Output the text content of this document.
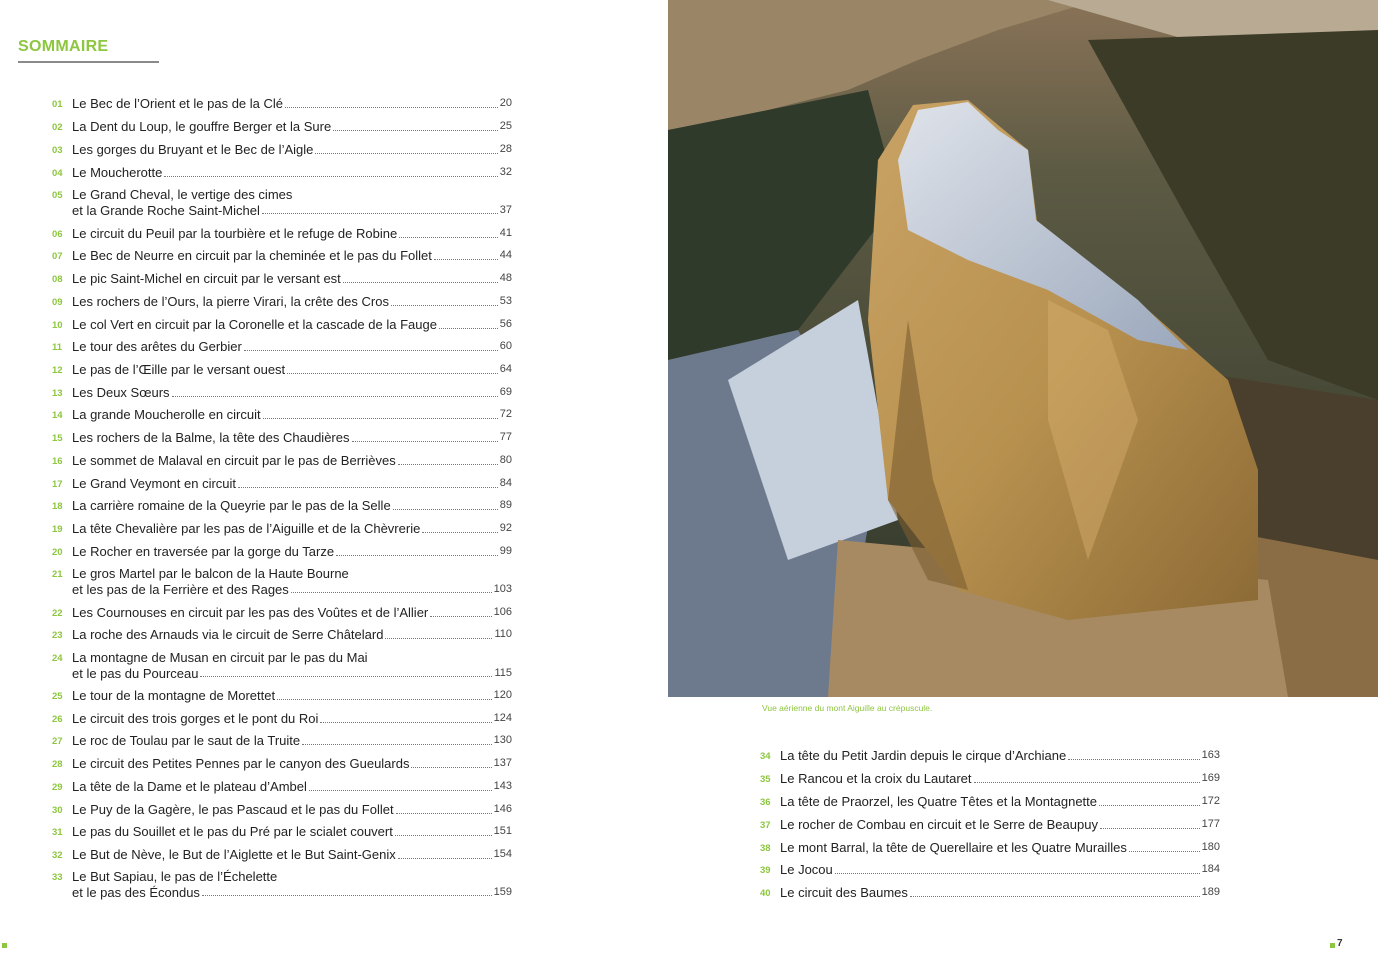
SOMMAIRE
01 Le Bec de l’Orient et le pas de la Clé	20
02 La Dent du Loup, le gouffre Berger et la Sure	25
03 Les gorges du Bruyant et le Bec de l’Aigle	28
04 Le Moucherotte	32
05 Le Grand Cheval, le vertige des cimes
et la Grande Roche Saint-Michel	37
06 Le circuit du Peuil par la tourbière et le refuge de Robine	41
07 Le Bec de Neurre en circuit par la cheminée et le pas du Follet	44
08 Le pic Saint-Michel en circuit par le versant est	48
09 Les rochers de l’Ours, la pierre Virari, la crête des Cros	53
10 Le col Vert en circuit par la Coronelle et la cascade de la Fauge	56
11 Le tour des arêtes du Gerbier	60
12 Le pas de l’Œille par le versant ouest	64
13 Les Deux Sœurs	69
14 La grande Moucherolle en circuit	72
15 Les rochers de la Balme, la tête des Chaudières	77
16 Le sommet de Malaval en circuit par le pas de Berrièves	80
17 Le Grand Veymont en circuit	84
18 La carrière romaine de la Queyrie par le pas de la Selle	89
19 La tête Chevalière par les pas de l’Aiguille et de la Chèvrerie	92
20 Le Rocher en traversée par la gorge du Tarze	99
21 Le gros Martel par le balcon de la Haute Bourne
et les pas de la Ferrière et des Rages	103
22 Les Cournouses en circuit par les pas des Voûtes et de l’Allier	106
23 La roche des Arnauds via le circuit de Serre Châtelard	110
24 La montagne de Musan en circuit par le pas du Mai
et le pas du Pourceau	115
25 Le tour de la montagne de Morettet	120
26 Le circuit des trois gorges et le pont du Roi	124
27 Le roc de Toulau par le saut de la Truite	130
28 Le circuit des Petites Pennes par le canyon des Gueulards	137
29 La tête de la Dame et le plateau d’Ambel	143
30 Le Puy de la Gagère, le pas Pascaud et le pas du Follet	146
31 Le pas du Souillet et le pas du Pré par le scialet couvert	151
32 Le But de Nève, le But de l’Aiglette et le But Saint-Genix	154
33 Le But Sapiau, le pas de l’Échelette
et le pas des Écondus	159
Vue aérienne du mont Aiguille au crépuscule.
34 La tête du Petit Jardin depuis le cirque d’Archiane	163
35 Le Rancou et la croix du Lautaret	169
36 La tête de Praorzel, les Quatre Têtes et la Montagnette	172
37 Le rocher de Combau en circuit et le Serre de Beaupuy	177
38 Le mont Barral, la tête de Querellaire et les Quatre Murailles	180
39 Le Jocou	184
40 Le circuit des Baumes	189
7
